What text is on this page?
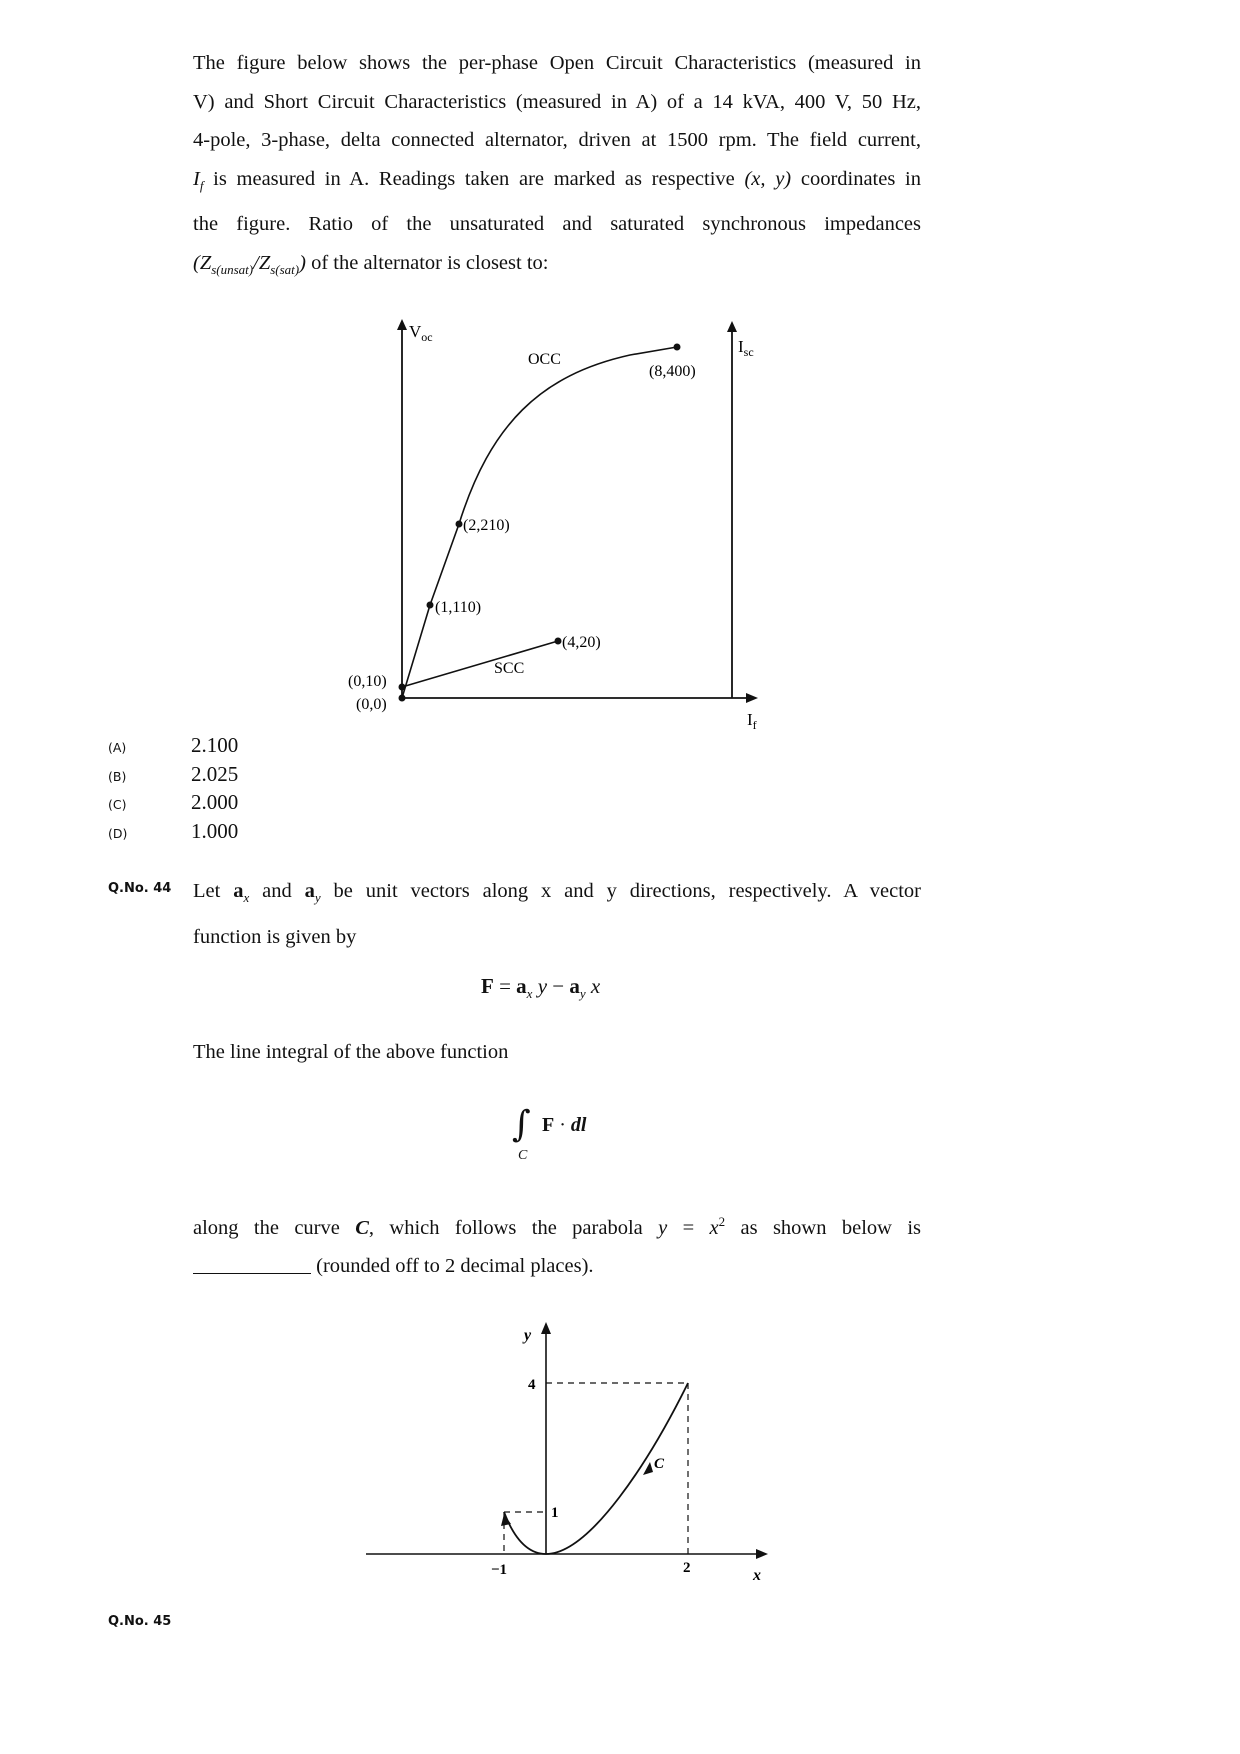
The figure below shows the per-phase Open Circuit Characteristics (measured in
V) and Short Circuit Characteristics (measured in A) of a 14 kVA, 400 V, 50 Hz,
4-pole, 3-phase, delta connected alternator, driven at 1500 rpm. The field current,
$I_f$ is measured in A. Readings taken are marked as respective (x, y) coordinates in
the figure. Ratio of the unsaturated and saturated synchronous impedances
$(Z_{s(unsat)}/Z_{s(sat)})$ of the alternator is closest to:
$V_{oc}$	$I_{sc}$
$I_f$
OCC
SCC
(8,400)
(2,210)
(1,110)
(4,20)
(0,10)
(0,0)
(A)	2.100
(B)	2.025
(C)	2.000
(D)	1.000
Q.No. 44 Let $a_x$ and $a_y$ be unit vectors along x and y directions, respectively. A vector
function is given by
$F = a_x$ $y - a_y$ x
The line integral of the above function
∫
C
F · dl
along the curve C, which follows the parabola $y = x^2$ as shown below is
(rounded off to 2 decimal places).
x
y
4
1
−1	2
C
Q.No. 45
